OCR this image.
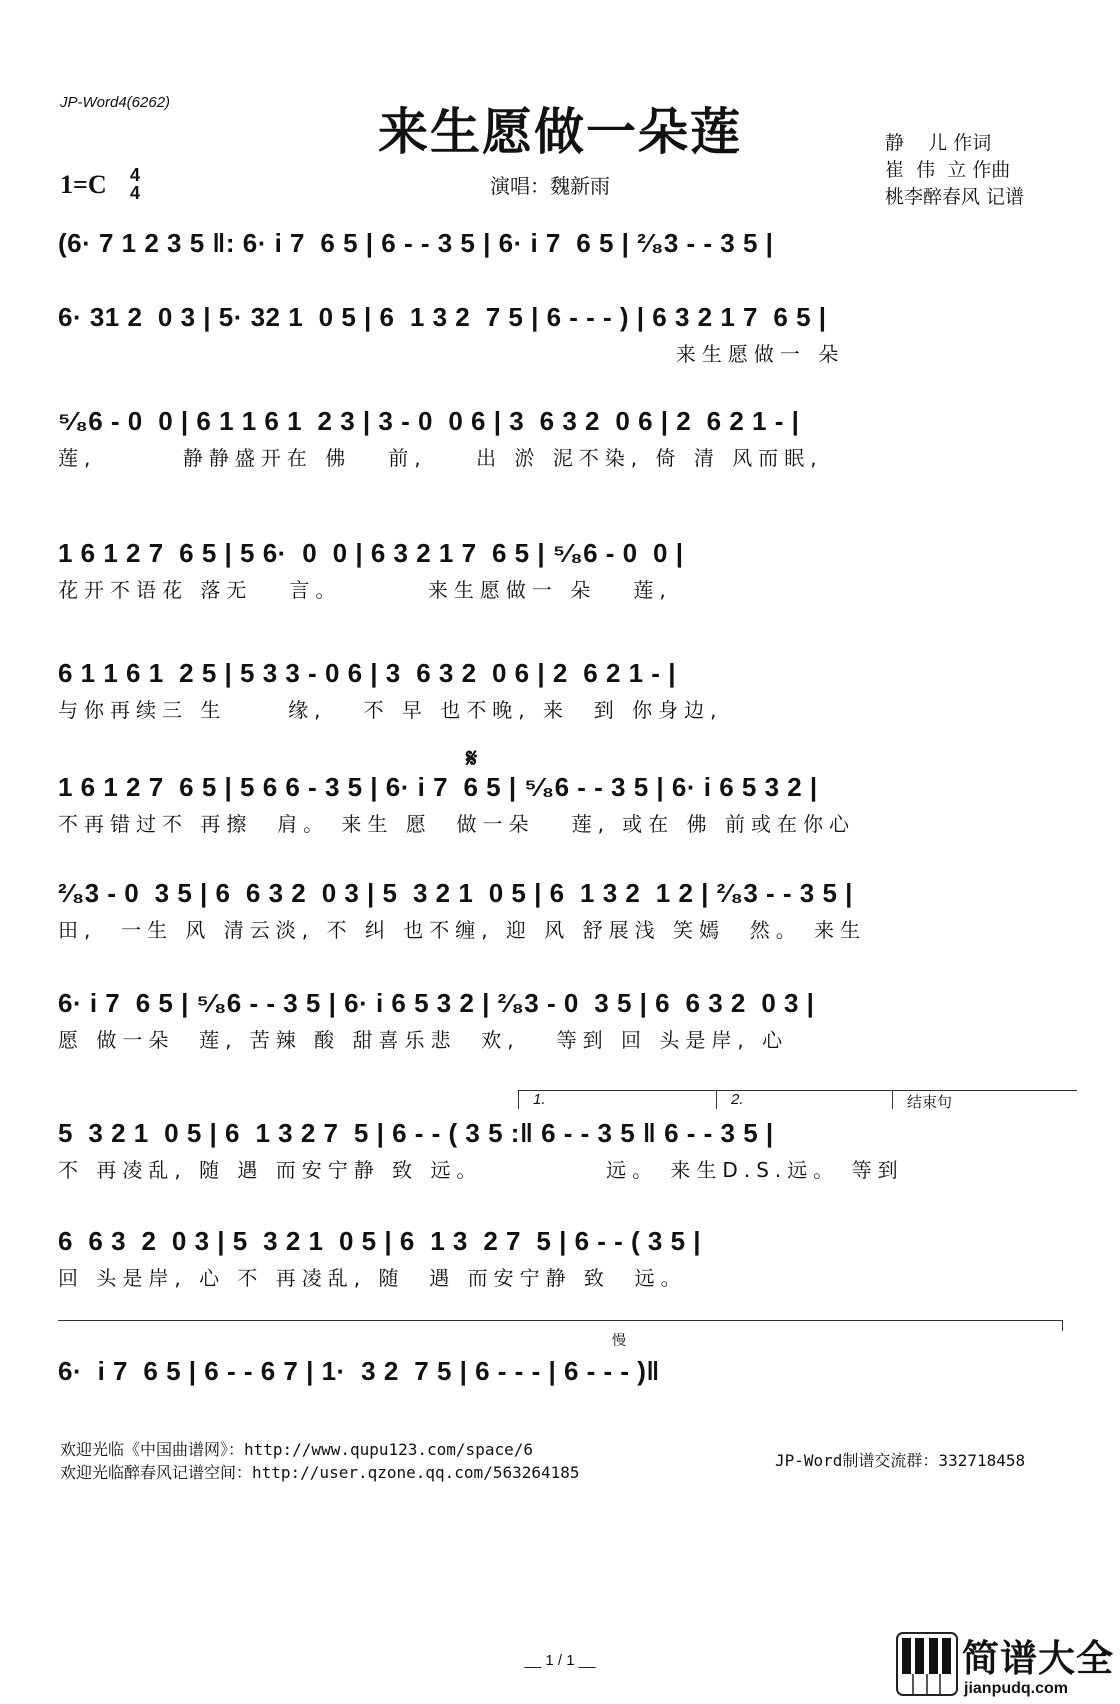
JP-Word4(6262)	来生愿做一朵莲	静    儿 作词
崔  伟  立 作曲
桃李醉春风 记谱
1=C 4
4	演唱：魏新雨
𝄋
慢
(6· 7 1 2 3 5 ‖: 6· i 7  6 5 | 6 - - 3 5 | 6· i 7  6 5 | ²⁄₈3 - - 3 5 |
6· 31 2  0 3 | 5· 32 1  0 5 | 6  1 3 2  7 5 | 6 - - - ) | 6 3 2 1 7  6 5 |
来生愿做一 朵
⁵⁄₈6 - 0  0 | 6 1 1 6 1  2 3 | 3 - 0  0 6 | 3  6 3 2  0 6 | 2  6 2 1 - |
莲,       静静盛开在 佛   前,    出 淤 泥不染, 倚 清 风而眠,
1 6 1 2 7  6 5 | 5 6·  0  0 | 6 3 2 1 7  6 5 | ⁵⁄₈6 - 0  0 |
花开不语花 落无   言。       来生愿做一 朵   莲,
6 1 1 6 1  2 5 | 5 3 3 - 0 6 | 3  6 3 2  0 6 | 2  6 2 1 - |
与你再续三 生     缘,   不 早 也不晚, 来  到 你身边,
1 6 1 2 7  6 5 | 5 6 6 - 3 5 | 6· i 7  6 5 | ⁵⁄₈6 - - 3 5 | 6· i 6 5 3 2 |
不再错过不 再擦  肩。 来生 愿  做一朵   莲, 或在 佛 前或在你心
²⁄₈3 - 0  3 5 | 6  6 3 2  0 3 | 5  3 2 1  0 5 | 6  1 3 2  1 2 | ²⁄₈3 - - 3 5 |
田,  一生 风 清云淡, 不 纠 也不缠, 迎 风 舒展浅 笑嫣  然。 来生
6· i 7  6 5 | ⁵⁄₈6 - - 3 5 | 6· i 6 5 3 2 | ²⁄₈3 - 0  3 5 | 6  6 3 2  0 3 |
愿 做一朵  莲, 苦辣 酸 甜喜乐悲  欢,   等到 回 头是岸, 心
1.	2.	结束句
5  3 2 1  0 5 | 6  1 3 2 7  5 | 6 - - ( 3 5 :‖ 6 - - 3 5 ‖ 6 - - 3 5 |
不 再凌乱, 随 遇 而安宁静 致 远。          远。 来生D.S.远。 等到
6  6 3  2  0 3 | 5  3 2 1  0 5 | 6  1 3  2 7  5 | 6 - - ( 3 5 |
回 头是岸, 心 不 再凌乱, 随  遇 而安宁静 致  远。
6·  i 7  6 5 | 6 - - 6 7 | 1·  3 2  7 5 | 6 - - - | 6 - - - )‖
欢迎光临《中国曲谱网》：http://www.qupu123.com/space/6
欢迎光临醉春风记谱空间：http://user.qzone.qq.com/563264185
JP-Word制谱交流群：332718458
__ 1 / 1 __	简谱大全
jianpudq.com
